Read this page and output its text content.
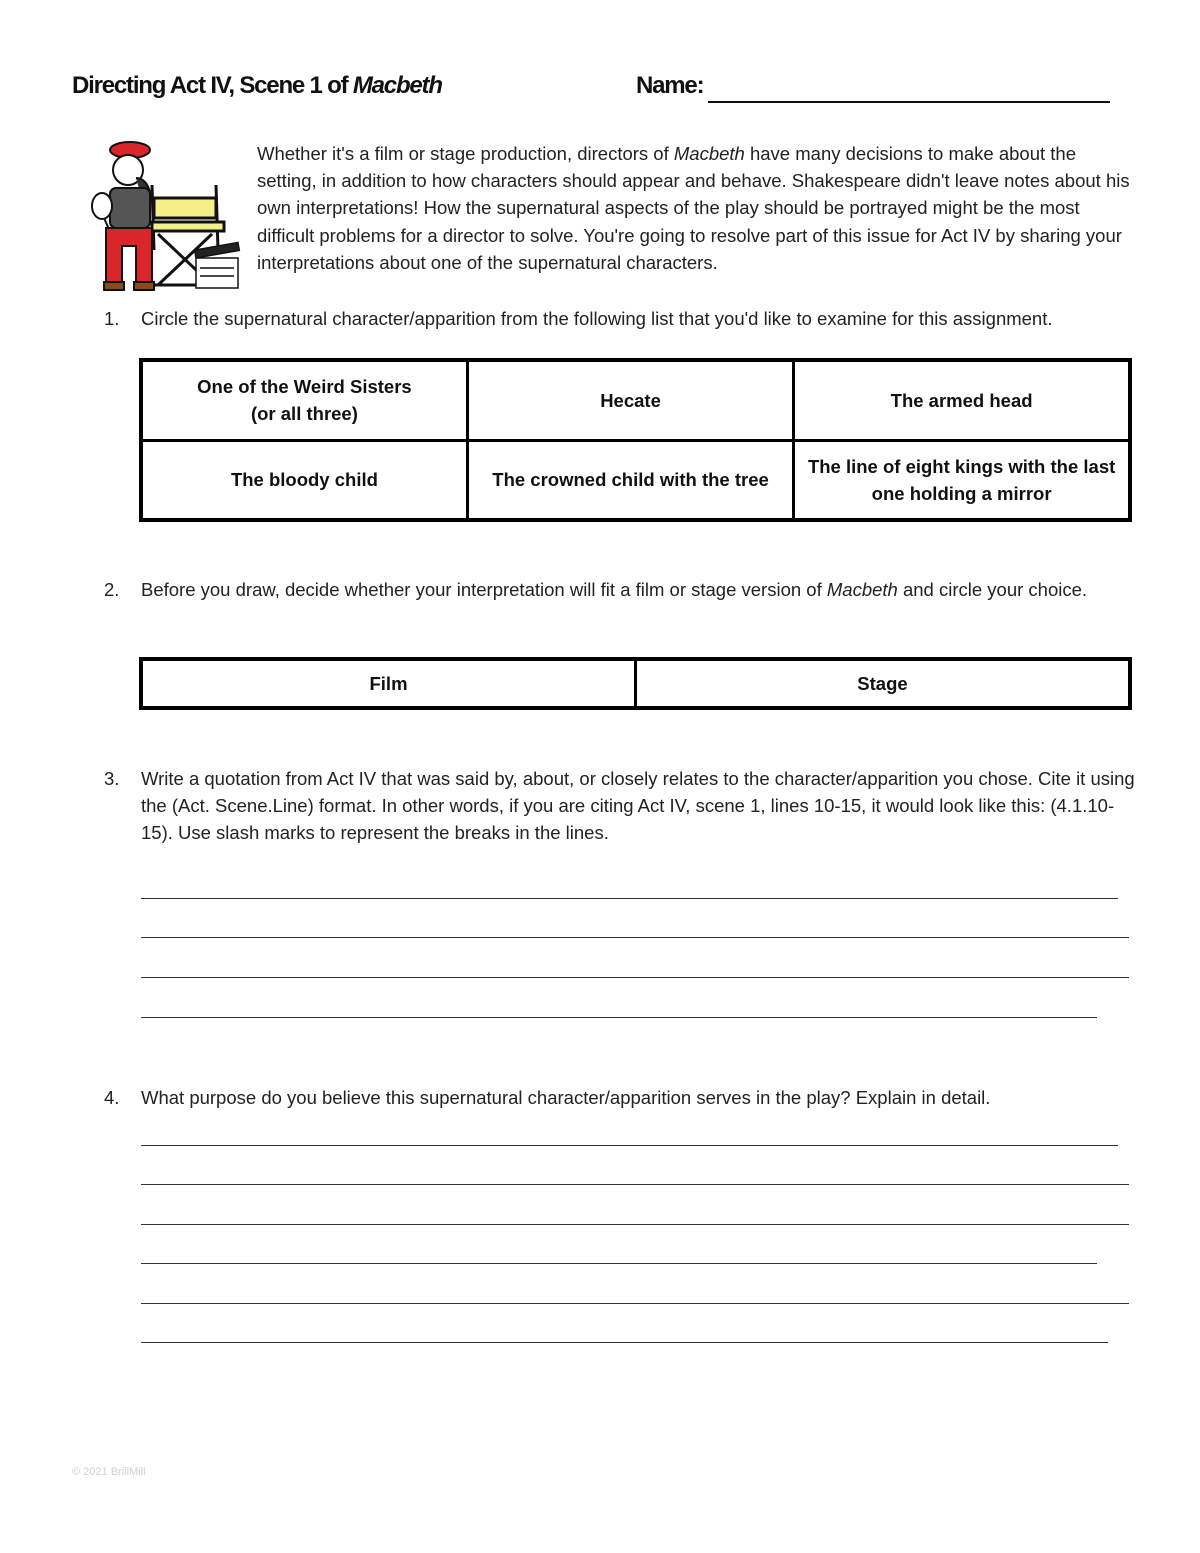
Directing Act IV, Scene 1 of Macbeth	Name:
Whether it's a film or stage production, directors of Macbeth have many decisions to make about the setting, in addition to how characters should appear and behave. Shakespeare didn't leave notes about his own interpretations! How the supernatural aspects of the play should be portrayed might be the most difficult problems for a director to solve. You're going to resolve part of this issue for Act IV by sharing your interpretations about one of the supernatural characters.
1.	Circle the supernatural character/apparition from the following list that you'd like to examine for this assignment.
One of the Weird Sisters
(or all three)	Hecate	The armed head
The bloody child	The crowned child with the tree	The line of eight kings with the last one holding a mirror
2.	Before you draw, decide whether your interpretation will fit a film or stage version of Macbeth and circle your choice.
Film	Stage
3.	Write a quotation from Act IV that was said by, about, or closely relates to the character/apparition you chose. Cite it using the (Act. Scene.Line) format. In other words, if you are citing Act IV, scene 1, lines 10-15, it would look like this: (4.1.10-15). Use slash marks to represent the breaks in the lines.
4.	What purpose do you believe this supernatural character/apparition serves in the play? Explain in detail.
© 2021 BrillMill
